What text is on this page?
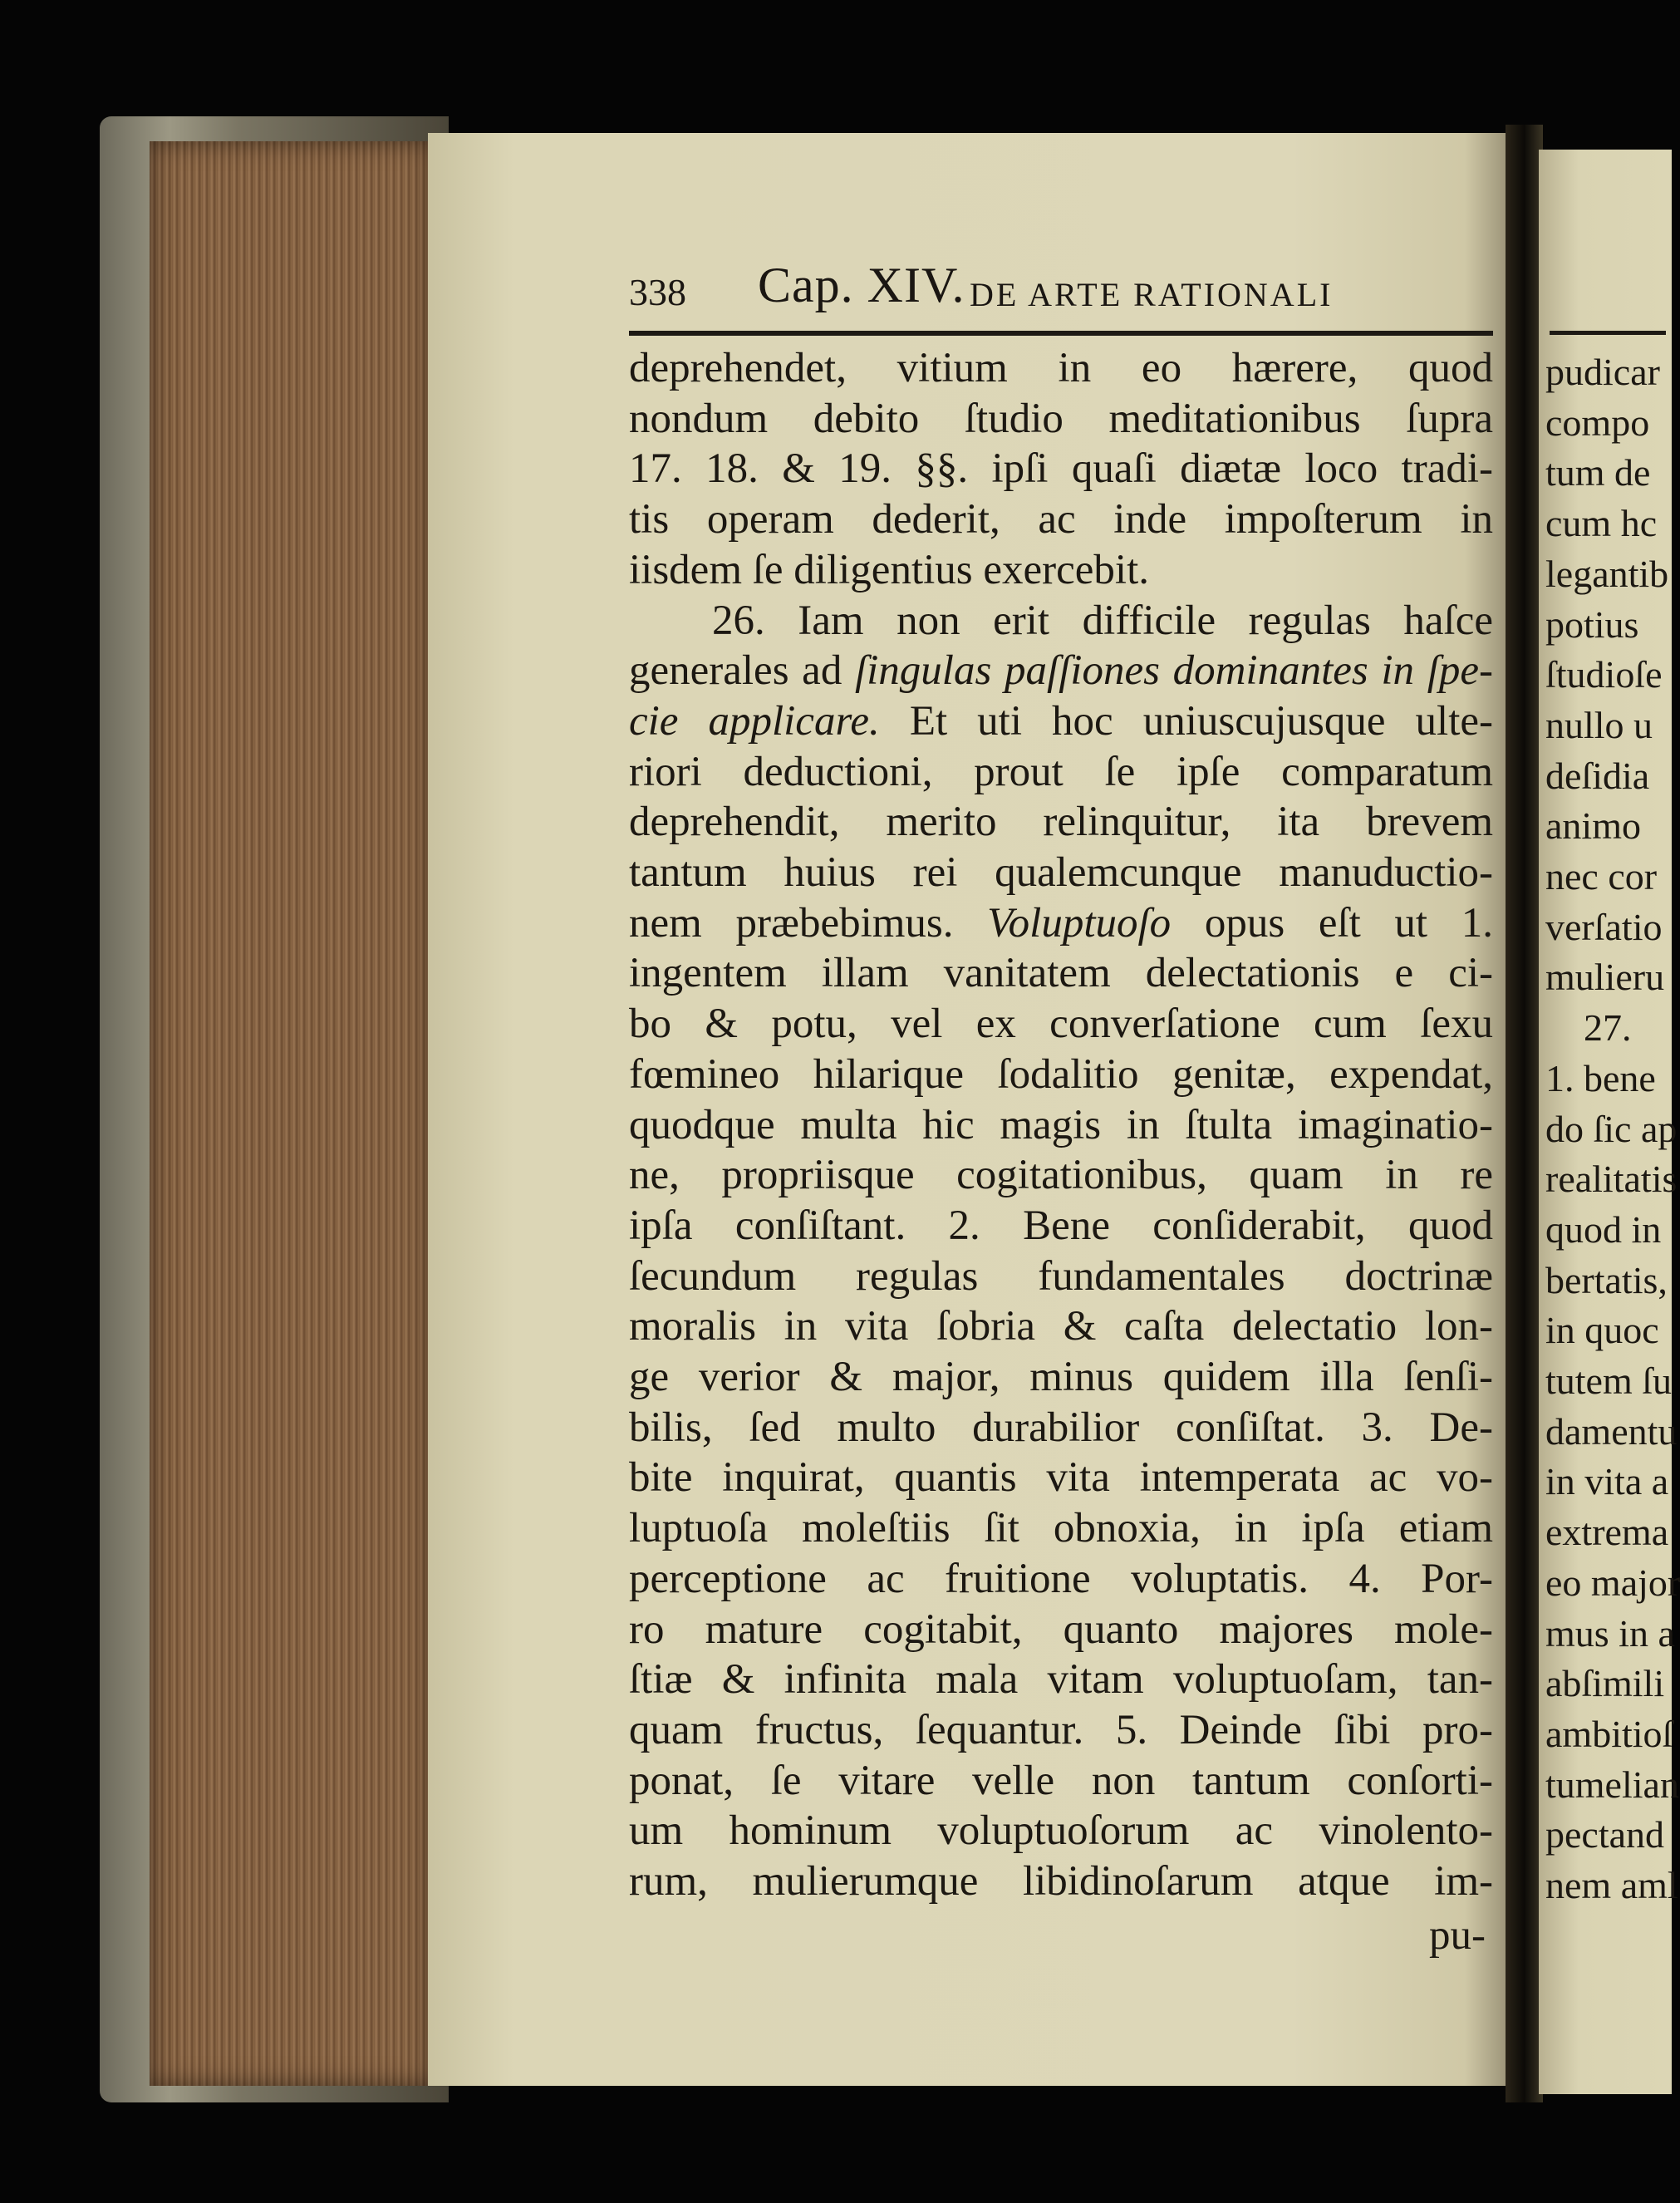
338 Cap. XIV. DE ARTE RATIONALI
deprehendet, vitium in eo hærere, quod
nondum debito ſtudio meditationibus ſupra
17. 18. & 19. §§. ipſi quaſi diætæ loco tradi-
tis operam dederit, ac inde impoſterum in
iisdem ſe diligentius exercebit.
26. Iam non erit difficile regulas haſce
generales ad ſingulas paſſiones dominantes in ſpe-
cie applicare. Et uti hoc uniuscujusque ulte-
riori deductioni, prout ſe ipſe comparatum
deprehendit, merito relinquitur, ita brevem
tantum huius rei qualemcunque manuductio-
nem præbebimus. Voluptuoſo opus eſt ut 1.
ingentem illam vanitatem delectationis e ci-
bo & potu, vel ex converſatione cum ſexu
fœmineo hilarique ſodalitio genitæ, expendat,
quodque multa hic magis in ſtulta imaginatio-
ne, propriisque cogitationibus, quam in re
ipſa conſiſtant. 2. Bene conſiderabit, quod
ſecundum regulas fundamentales doctrinæ
moralis in vita ſobria & caſta delectatio lon-
ge verior & major, minus quidem illa ſenſi-
bilis, ſed multo durabilior conſiſtat. 3. De-
bite inquirat, quantis vita intemperata ac vo-
luptuoſa moleſtiis ſit obnoxia, in ipſa etiam
perceptione ac fruitione voluptatis. 4. Por-
ro mature cogitabit, quanto majores mole-
ſtiæ & infinita mala vitam voluptuoſam, tan-
quam fructus, ſequantur. 5. Deinde ſibi pro-
ponat, ſe vitare velle non tantum conſorti-
um hominum voluptuoſorum ac vinolento-
rum, mulierumque libidinoſarum atque im-
pu-
pudicar
compo
tum de
cum hc
legantib
potius
ſtudioſe
nullo u
deſidia
animo
nec cor
verſatio
mulieru
27.
1. bene
do ſic ap
realitatis
quod in
bertatis,
in quoc
tutem ſu
damentu
in vita a
extrema
eo major
mus in a
abſimili
ambitioſ
tumelian
pectand
nem aml
